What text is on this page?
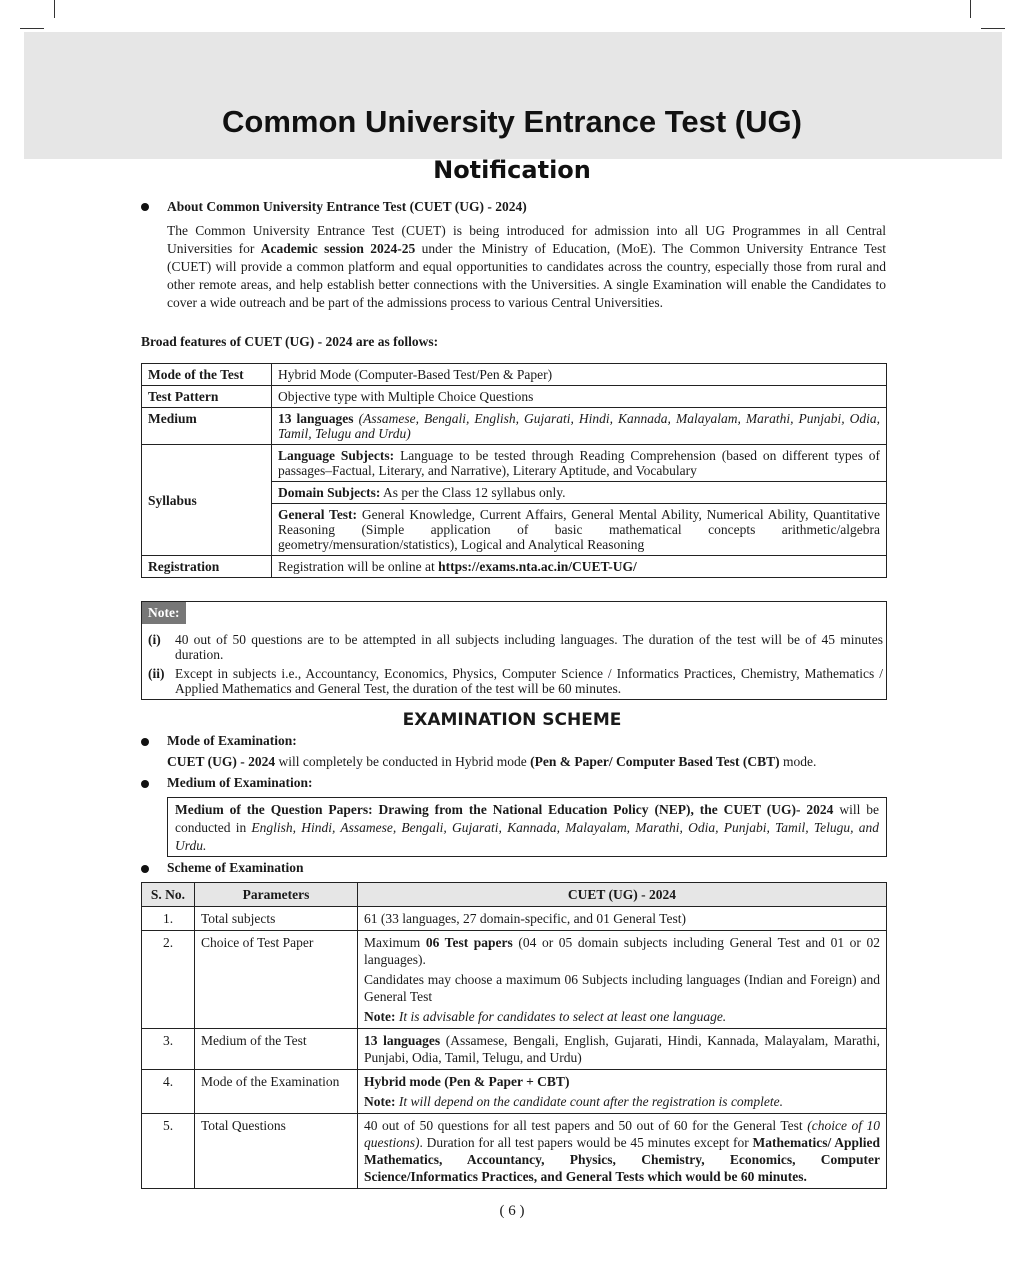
Common University Entrance Test (UG)
Notification
About Common University Entrance Test (CUET (UG) - 2024)
The Common University Entrance Test (CUET) is being introduced for admission into all UG Programmes in all Central Universities for Academic session 2024-25 under the Ministry of Education, (MoE). The Common University Entrance Test (CUET) will provide a common platform and equal opportunities to candidates across the country, especially those from rural and other remote areas, and help establish better connections with the Universities. A single Examination will enable the Candidates to cover a wide outreach and be part of the admissions process to various Central Universities.
Broad features of CUET (UG) - 2024 are as follows:
Mode of the Test	Hybrid Mode (Computer-Based Test/Pen & Paper)
Test Pattern	Objective type with Multiple Choice Questions
Medium	13 languages (Assamese, Bengali, English, Gujarati, Hindi, Kannada, Malayalam, Marathi, Punjabi, Odia, Tamil, Telugu and Urdu)
Syllabus	Language Subjects: Language to be tested through Reading Comprehension (based on different types of passages–Factual, Literary, and Narrative), Literary Aptitude, and Vocabulary
	Domain Subjects: As per the Class 12 syllabus only.
	General Test: General Knowledge, Current Affairs, General Mental Ability, Numerical Ability, Quantitative Reasoning (Simple application of basic mathematical concepts arithmetic/algebra geometry/mensuration/statistics), Logical and Analytical Reasoning
Registration	Registration will be online at https://exams.nta.ac.in/CUET-UG/
Note:
(i) 40 out of 50 questions are to be attempted in all subjects including languages. The duration of the test will be of 45 minutes duration.
(ii) Except in subjects i.e., Accountancy, Economics, Physics, Computer Science / Informatics Practices, Chemistry, Mathematics / Applied Mathematics and General Test, the duration of the test will be 60 minutes.
EXAMINATION SCHEME
Mode of Examination:
CUET (UG) - 2024 will completely be conducted in Hybrid mode (Pen & Paper/ Computer Based Test (CBT) mode.
Medium of Examination:
Medium of the Question Papers: Drawing from the National Education Policy (NEP), the CUET (UG)- 2024 will be conducted in English, Hindi, Assamese, Bengali, Gujarati, Kannada, Malayalam, Marathi, Odia, Punjabi, Tamil, Telugu, and Urdu.
Scheme of Examination
S. No.	Parameters	CUET (UG) - 2024
1.	Total subjects	61 (33 languages, 27 domain-specific, and 01 General Test)
2.	Choice of Test Paper	Maximum 06 Test papers (04 or 05 domain subjects including General Test and 01 or 02 languages).
Candidates may choose a maximum 06 Subjects including languages (Indian and Foreign) and General Test
Note: It is advisable for candidates to select at least one language.

3.	Medium of the Test	13 languages (Assamese, Bengali, English, Gujarati, Hindi, Kannada, Malayalam, Marathi, Punjabi, Odia, Tamil, Telugu, and Urdu)
4.	Mode of the Examination	Hybrid mode (Pen & Paper + CBT)
Note: It will depend on the candidate count after the registration is complete.

5.	Total Questions	40 out of 50 questions for all test papers and 50 out of 60 for the General Test (choice of 10 questions). Duration for all test papers would be 45 minutes except for Mathematics/ Applied Mathematics, Accountancy, Physics, Chemistry, Economics, Computer Science/Informatics Practices, and General Tests which would be 60 minutes.
( 6 )
